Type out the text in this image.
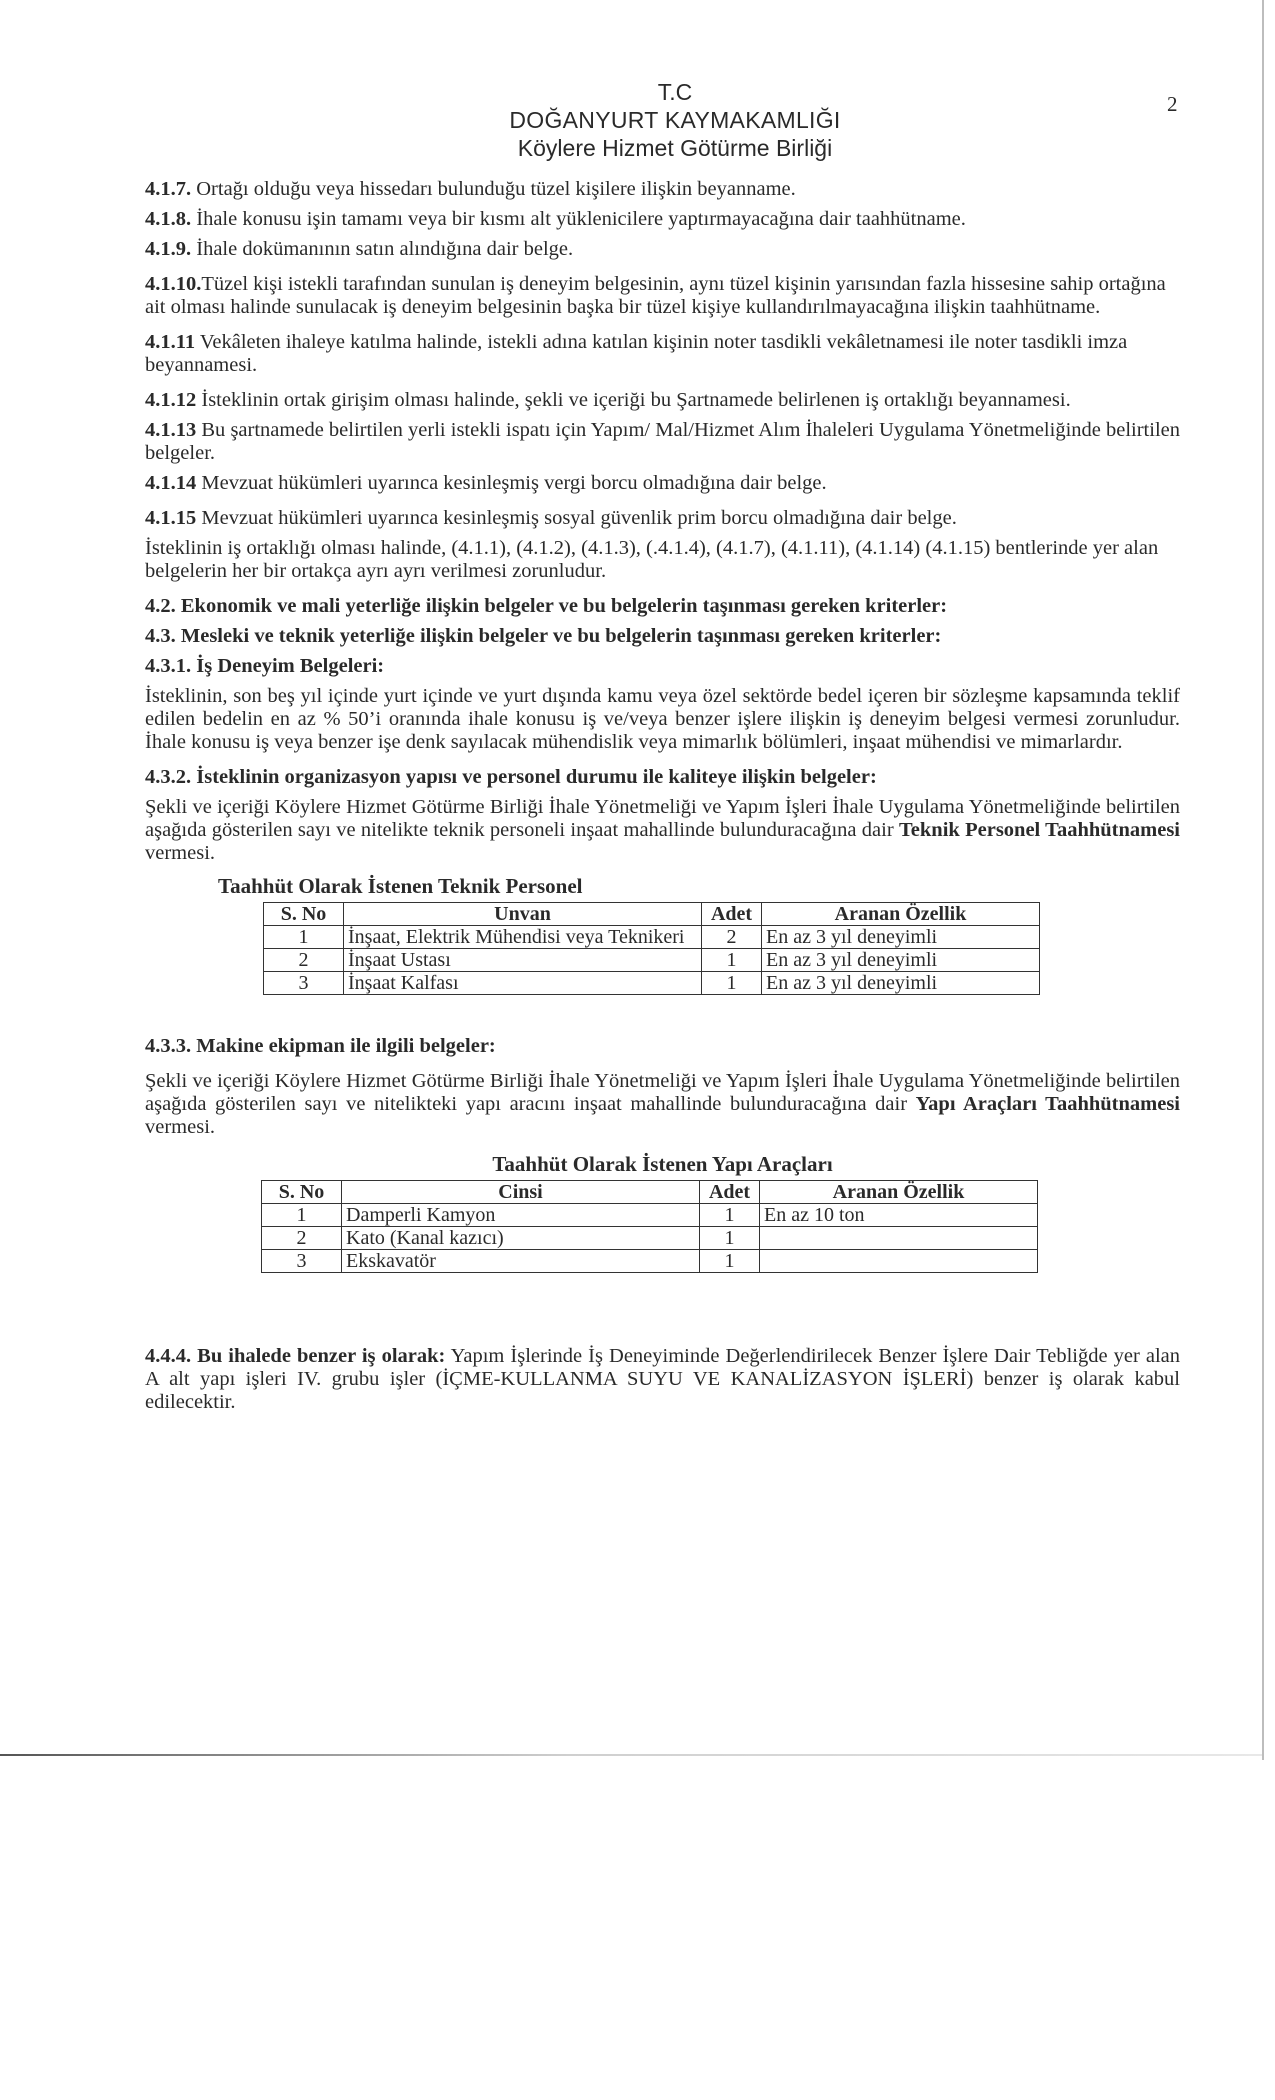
T.C
DOĞANYURT KAYMAKAMLIĞI
Köylere Hizmet Götürme Birliği
2

4.1.7. Ortağı olduğu veya hissedarı bulunduğu tüzel kişilere ilişkin beyanname.

4.1.8. İhale konusu işin tamamı veya bir kısmı alt yüklenicilere yaptırmayacağına dair taahhütname.

4.1.9. İhale dokümanının satın alındığına dair belge.

4.1.10.Tüzel kişi istekli tarafından sunulan iş deneyim belgesinin, aynı tüzel kişinin yarısından fazla hissesine sahip ortağına ait olması halinde sunulacak iş deneyim belgesinin başka bir tüzel kişiye kullandırılmayacağına ilişkin taahhütname.

4.1.11 Vekâleten ihaleye katılma halinde, istekli adına katılan kişinin noter tasdikli vekâletnamesi ile noter tasdikli imza beyannamesi.

4.1.12 İsteklinin ortak girişim olması halinde, şekli ve içeriği bu Şartnamede belirlenen iş ortaklığı beyannamesi.

4.1.13 Bu şartnamede belirtilen yerli istekli ispatı için Yapım/ Mal/Hizmet Alım İhaleleri Uygulama Yönetmeliğinde belirtilen belgeler.

4.1.14 Mevzuat hükümleri uyarınca kesinleşmiş vergi borcu olmadığına dair belge.

4.1.15 Mevzuat hükümleri uyarınca kesinleşmiş sosyal güvenlik prim borcu olmadığına dair belge.

İsteklinin iş ortaklığı olması halinde, (4.1.1), (4.1.2), (4.1.3), (.4.1.4), (4.1.7), (4.1.11), (4.1.14) (4.1.15) bentlerinde yer alan belgelerin her bir ortakça ayrı ayrı verilmesi zorunludur.

4.2. Ekonomik ve mali yeterliğe ilişkin belgeler ve bu belgelerin taşınması gereken kriterler:

4.3. Mesleki ve teknik yeterliğe ilişkin belgeler ve bu belgelerin taşınması gereken kriterler:

4.3.1. İş Deneyim Belgeleri:

İsteklinin, son beş yıl içinde yurt içinde ve yurt dışında kamu veya özel sektörde bedel içeren bir sözleşme kapsamında teklif edilen bedelin en az % 50’i oranında ihale konusu iş ve/veya benzer işlere ilişkin iş deneyim belgesi vermesi zorunludur. İhale konusu iş veya benzer işe denk sayılacak mühendislik veya mimarlık bölümleri, inşaat mühendisi ve mimarlardır.

4.3.2. İsteklinin organizasyon yapısı ve personel durumu ile kaliteye ilişkin belgeler:

Şekli ve içeriği Köylere Hizmet Götürme Birliği İhale Yönetmeliği ve Yapım İşleri İhale Uygulama Yönetmeliğinde belirtilen aşağıda gösterilen sayı ve nitelikte teknik personeli inşaat mahallinde bulunduracağına dair Teknik Personel Taahhütnamesi vermesi.

Taahhüt Olarak İstenen Teknik Personel

S. No	Unvan	Adet	Aranan Özellik
1	İnşaat, Elektrik Mühendisi veya Teknikeri	2	En az 3 yıl deneyimli
2	İnşaat Ustası	1	En az 3 yıl deneyimli
3	İnşaat Kalfası	1	En az 3 yıl deneyimli

4.3.3. Makine ekipman ile ilgili belgeler:

Şekli ve içeriği Köylere Hizmet Götürme Birliği İhale Yönetmeliği ve Yapım İşleri İhale Uygulama Yönetmeliğinde belirtilen aşağıda gösterilen sayı ve nitelikteki yapı aracını inşaat mahallinde bulunduracağına dair Yapı Araçları Taahhütnamesi vermesi.

Taahhüt Olarak İstenen Yapı Araçları

S. No	Cinsi	Adet	Aranan Özellik
1	Damperli Kamyon	1	En az 10 ton
2	Kato (Kanal kazıcı)	1	
3	Ekskavatör	1	

4.4.4. Bu ihalede benzer iş olarak: Yapım İşlerinde İş Deneyiminde Değerlendirilecek Benzer İşlere Dair Tebliğde yer alan A alt yapı işleri IV. grubu işler (İÇME-KULLANMA SUYU VE KANALİZASYON İŞLERİ) benzer iş olarak kabul edilecektir.
